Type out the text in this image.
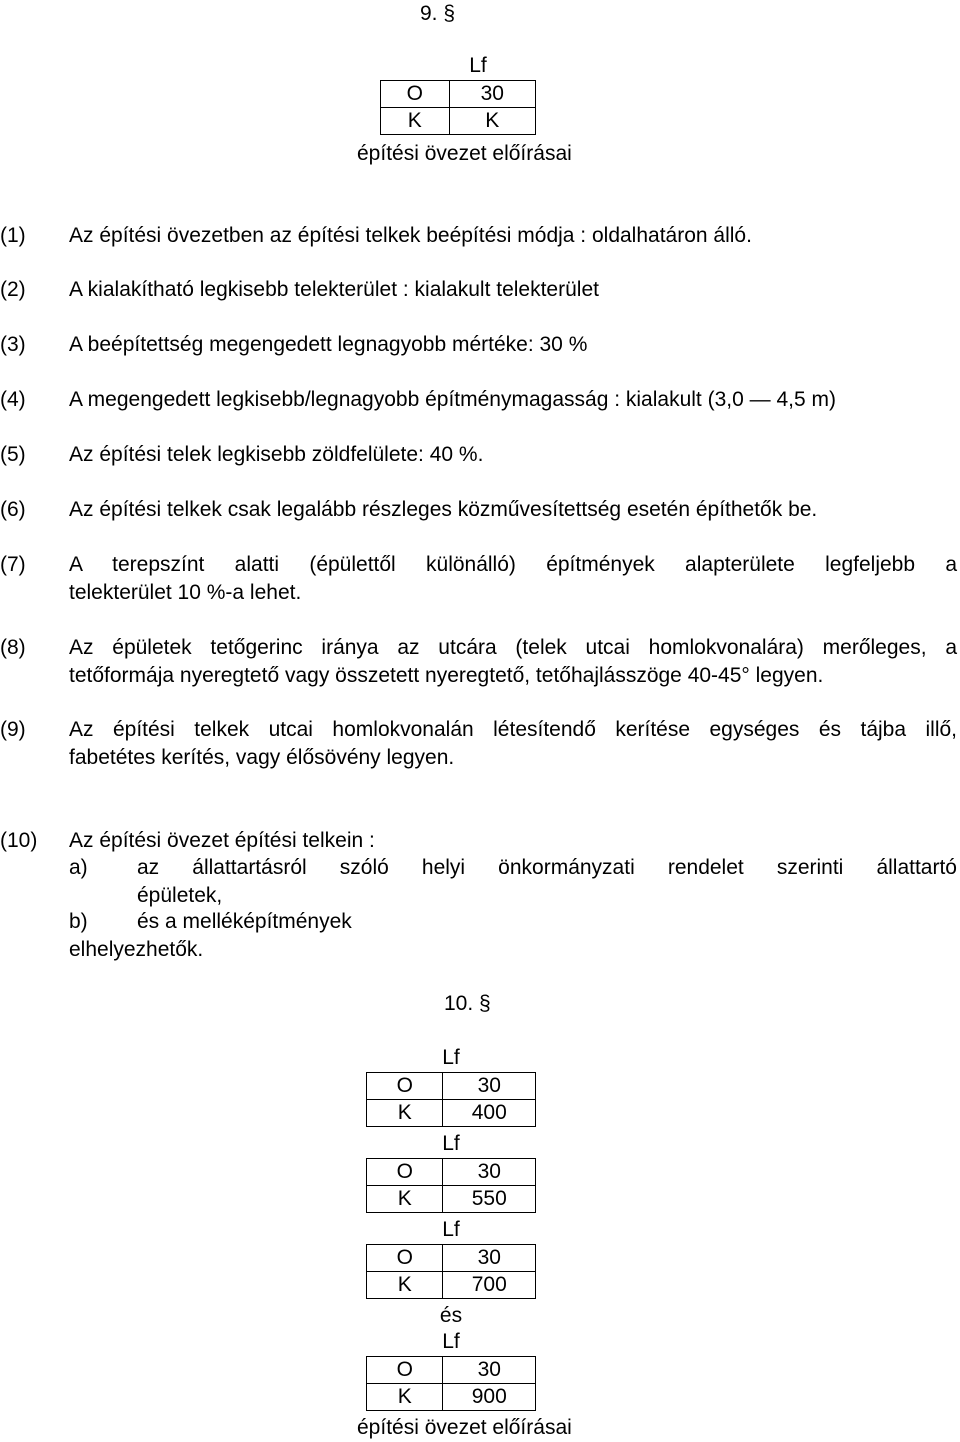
9. §
Lf
O	30
K	K
építési övezet előírásai
(1) Az építési övezetben az építési telkek beépítési módja : oldalhatáron álló.
(2) A kialakítható legkisebb telekterület : kialakult telekterület
(3) A beépítettség megengedett legnagyobb mértéke: 30 %
(4) A megengedett legkisebb/legnagyobb építménymagasság : kialakult (3,0 — 4,5 m)
(5) Az építési telek legkisebb zöldfelülete: 40 %.
(6) Az építési telkek csak legalább részleges közművesítettség esetén építhetők be.
(7) A terepszínt alatti (épülettől különálló) építmények alapterülete legfeljebb a
telekterület 10 %-a lehet.
(8) Az épületek tetőgerinc iránya az utcára (telek utcai homlokvonalára) merőleges, a
tetőformája nyeregtető vagy összetett nyeregtető, tetőhajlásszöge 40-45° legyen.
(9) Az építési telkek utcai homlokvonalán létesítendő kerítése egységes és tájba illő,
fabetétes kerítés, vagy élősövény legyen.
(10) Az építési övezet építési telkein :
a) az állattartásról szóló helyi önkormányzati rendelet szerinti állattartó
épületek,
b) és a melléképítmények
elhelyezhetők.
10. §
Lf
O	30
K	400
Lf
O	30
K	550
Lf
O	30
K	700
és
Lf
O	30
K	900
építési övezet előírásai
